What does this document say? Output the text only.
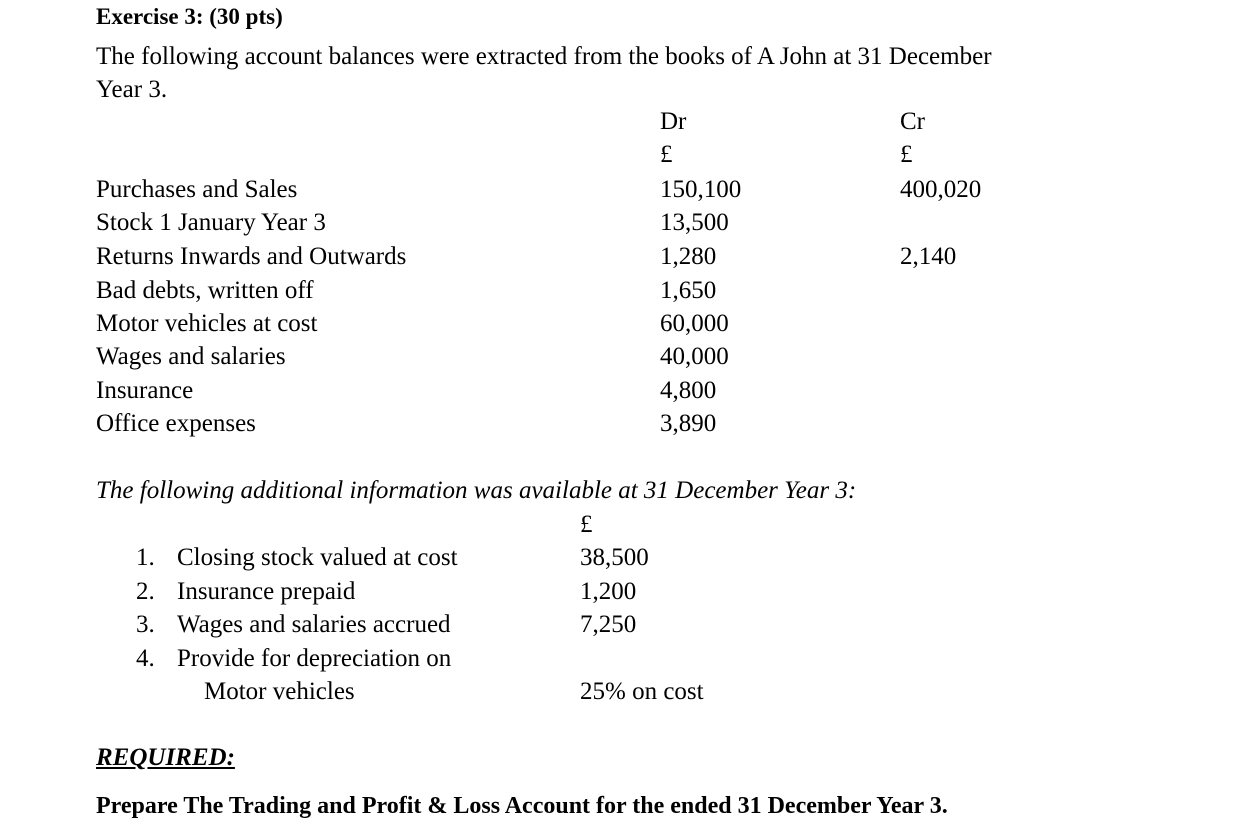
Exercise 3: (30 pts)
The following account balances were extracted from the books of A John at 31 December
Year 3.
Dr	Cr
£	£
Purchases and Sales	150,100	400,020
Stock 1 January Year 3	13,500
Returns Inwards and Outwards	1,280	2,140
Bad debts, written off	1,650
Motor vehicles at cost	60,000
Wages and salaries	40,000
Insurance	4,800
Office expenses	3,890
The following additional information was available at 31 December Year 3:
£
1. Closing stock valued at cost	38,500
2. Insurance prepaid	1,200
3. Wages and salaries accrued	7,250
4. Provide for depreciation on
Motor vehicles	25% on cost
REQUIRED:
Prepare The Trading and Profit & Loss Account for the ended 31 December Year 3.
